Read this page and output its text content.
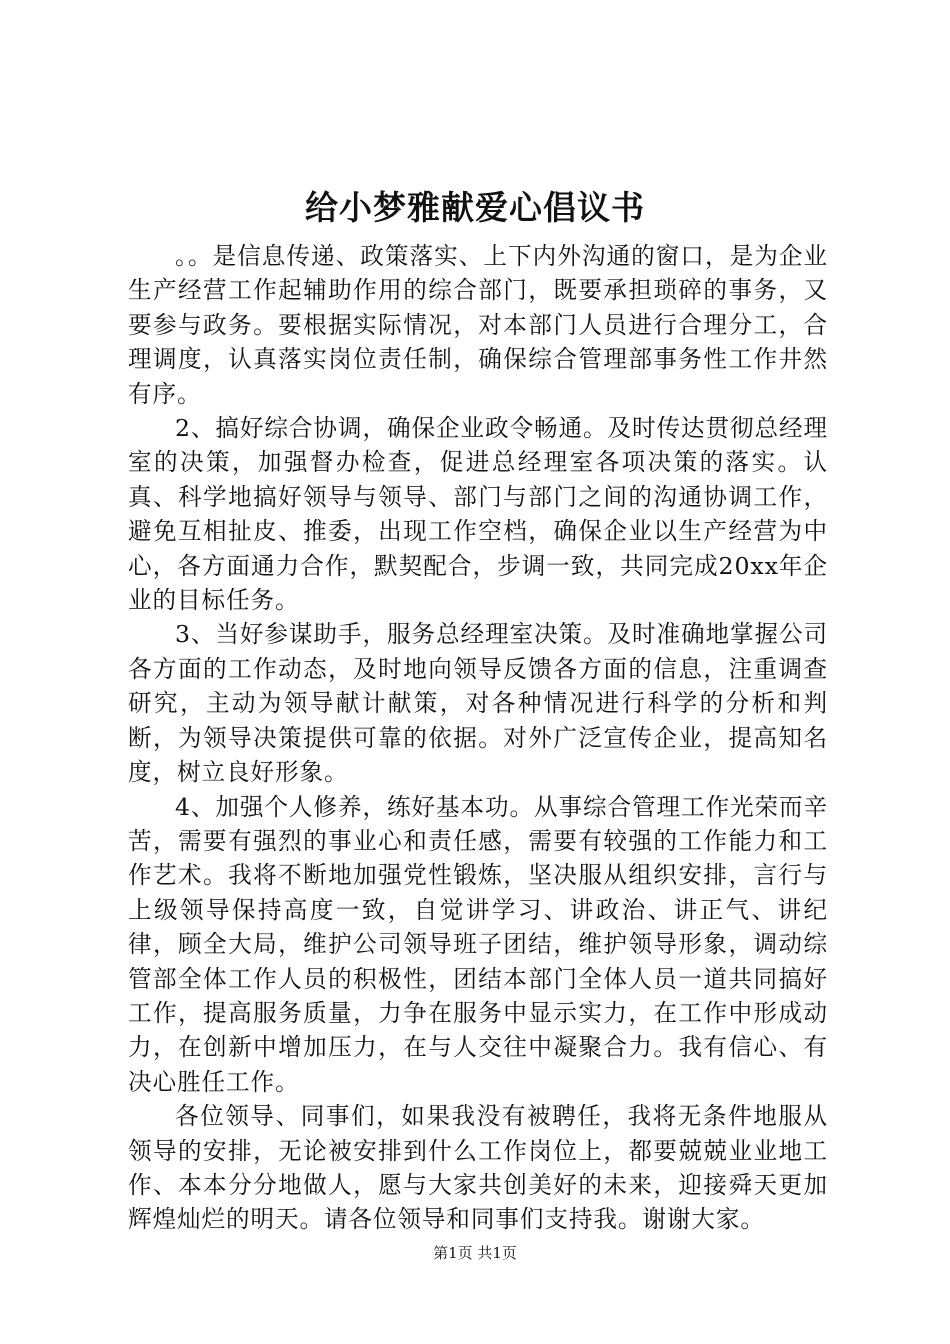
给小梦雅献爱心倡议书

。。是信息传递、政策落实、上下内外沟通的窗口，是为企业生产经营工作起辅助作用的综合部门，既要承担琐碎的事务，又要参与政务。要根据实际情况，对本部门人员进行合理分工，合理调度，认真落实岗位责任制，确保综合管理部事务性工作井然有序。

2、搞好综合协调，确保企业政令畅通。及时传达贯彻总经理室的决策，加强督办检查，促进总经理室各项决策的落实。认真、科学地搞好领导与领导、部门与部门之间的沟通协调工作，避免互相扯皮、推委，出现工作空档，确保企业以生产经营为中心，各方面通力合作，默契配合，步调一致，共同完成20xx年企业的目标任务。

3、当好参谋助手，服务总经理室决策。及时准确地掌握公司各方面的工作动态，及时地向领导反馈各方面的信息，注重调查研究，主动为领导献计献策，对各种情况进行科学的分析和判断，为领导决策提供可靠的依据。对外广泛宣传企业，提高知名度，树立良好形象。

4、加强个人修养，练好基本功。从事综合管理工作光荣而辛苦，需要有强烈的事业心和责任感，需要有较强的工作能力和工作艺术。我将不断地加强党性锻炼，坚决服从组织安排，言行与上级领导保持高度一致，自觉讲学习、讲政治、讲正气、讲纪律，顾全大局，维护公司领导班子团结，维护领导形象，调动综管部全体工作人员的积极性，团结本部门全体人员一道共同搞好工作，提高服务质量，力争在服务中显示实力，在工作中形成动力，在创新中增加压力，在与人交往中凝聚合力。我有信心、有决心胜任工作。

各位领导、同事们，如果我没有被聘任，我将无条件地服从领导的安排，无论被安排到什么工作岗位上，都要兢兢业业地工作、本本分分地做人，愿与大家共创美好的未来，迎接舜天更加辉煌灿烂的明天。请各位领导和同事们支持我。谢谢大家。

第1页 共1页
